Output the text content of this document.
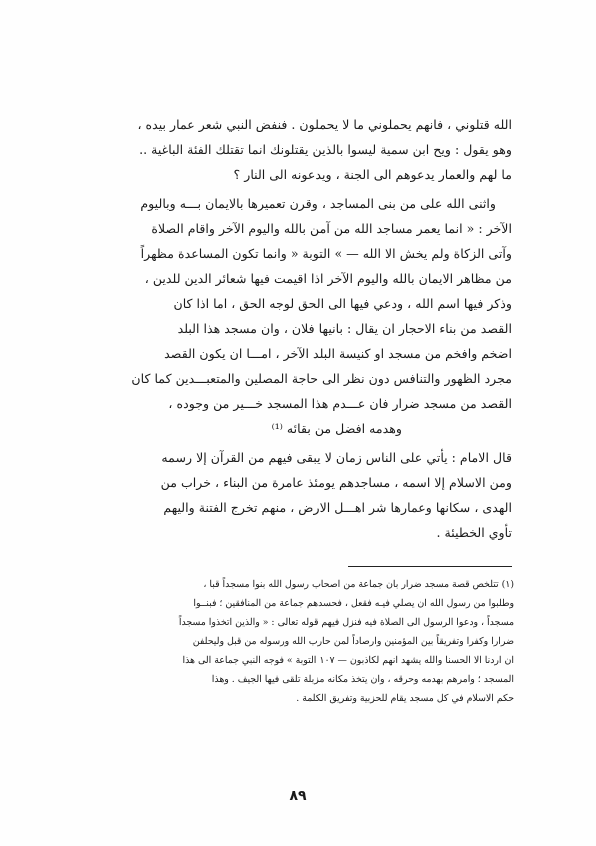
الله قتلوني ، فانهم يحملوني ما لا يحملون . فنفض النبي شعر عمار بيده ،
وهو يقول : ويح ابن سمية ليسوا بالذين يقتلونك انما تقتلك الفئة الباغية ..
ما لهم والعمار يدعوهم الى الجنة ، ويدعونه الى النار ؟
واثنى الله على من بنى المساجد ، وقرن تعميرها بالايمان بـــه وباليوم
الآخر : « انما يعمر مساجد الله من آمن بالله واليوم الآخر واقام الصلاة
وآتى الزكاة ولم يخش الا الله — » التوبة « وانما تكون المساعدة مظهراً
من مظاهر الايمان بالله واليوم الآخر اذا اقيمت فيها شعائر الدين للدين ،
وذكر فيها اسم الله ، ودعي فيها الى الحق لوجه الحق ، اما اذا كان
القصد من بناء الاحجار ان يقال : بانيها فلان ، وان مسجد هذا البلد
اضخم وافخم من مسجد او كنيسة البلد الآخر ، امـــا ان يكون القصد
مجرد الظهور والتنافس دون نظر الى حاجة المصلين والمتعبـــدين كما كان
القصد من مسجد ضرار فان عـــدم هذا المسجد خـــير من وجوده ،
وهدمه افضل من بقائه ⁽¹⁾
قال الامام : يأتي على الناس زمان لا يبقى فيهم من القرآن إلا رسمه
ومن الاسلام إلا اسمه ، مساجدهم يومئذ عامرة من البناء ، خراب من
الهدى ، سكانها وعمارها شر اهـــل الارض ، منهم تخرج الفتنة واليهم
تأوي الخطيئة .
(١) تتلخص قصة مسجد ضرار بان جماعة من اصحاب رسول الله بنوا مسجداً قبا ،
وطلبوا من رسول الله ان يصلي فيـه فقعل ، فحسدهم جماعة من المنافقين ؛ فبنــوا
مسجداً ، ودعوا الرسول الى الصلاة فيه فنزل فيهم قوله تعالى : « والذين اتخذوا مسجداً
ضرارا وكفرا وتفريقاً بين المؤمنين وارصاداً لمن حارب الله ورسوله من قبل وليحلفن
ان اردنا الا الحسنا والله يشهد انهم لكاذبون — ١٠٧ التوبة » فوجه النبي جماعة الى هذا
المسجد ؛ وامرهم بهدمه وحرقه ، وان يتخذ مكانه مزبلة تلقى فيها الجيف . وهذا
حكم الاسلام في كل مسجد يقام للحزبية وتفريق الكلمة .
٨٩
